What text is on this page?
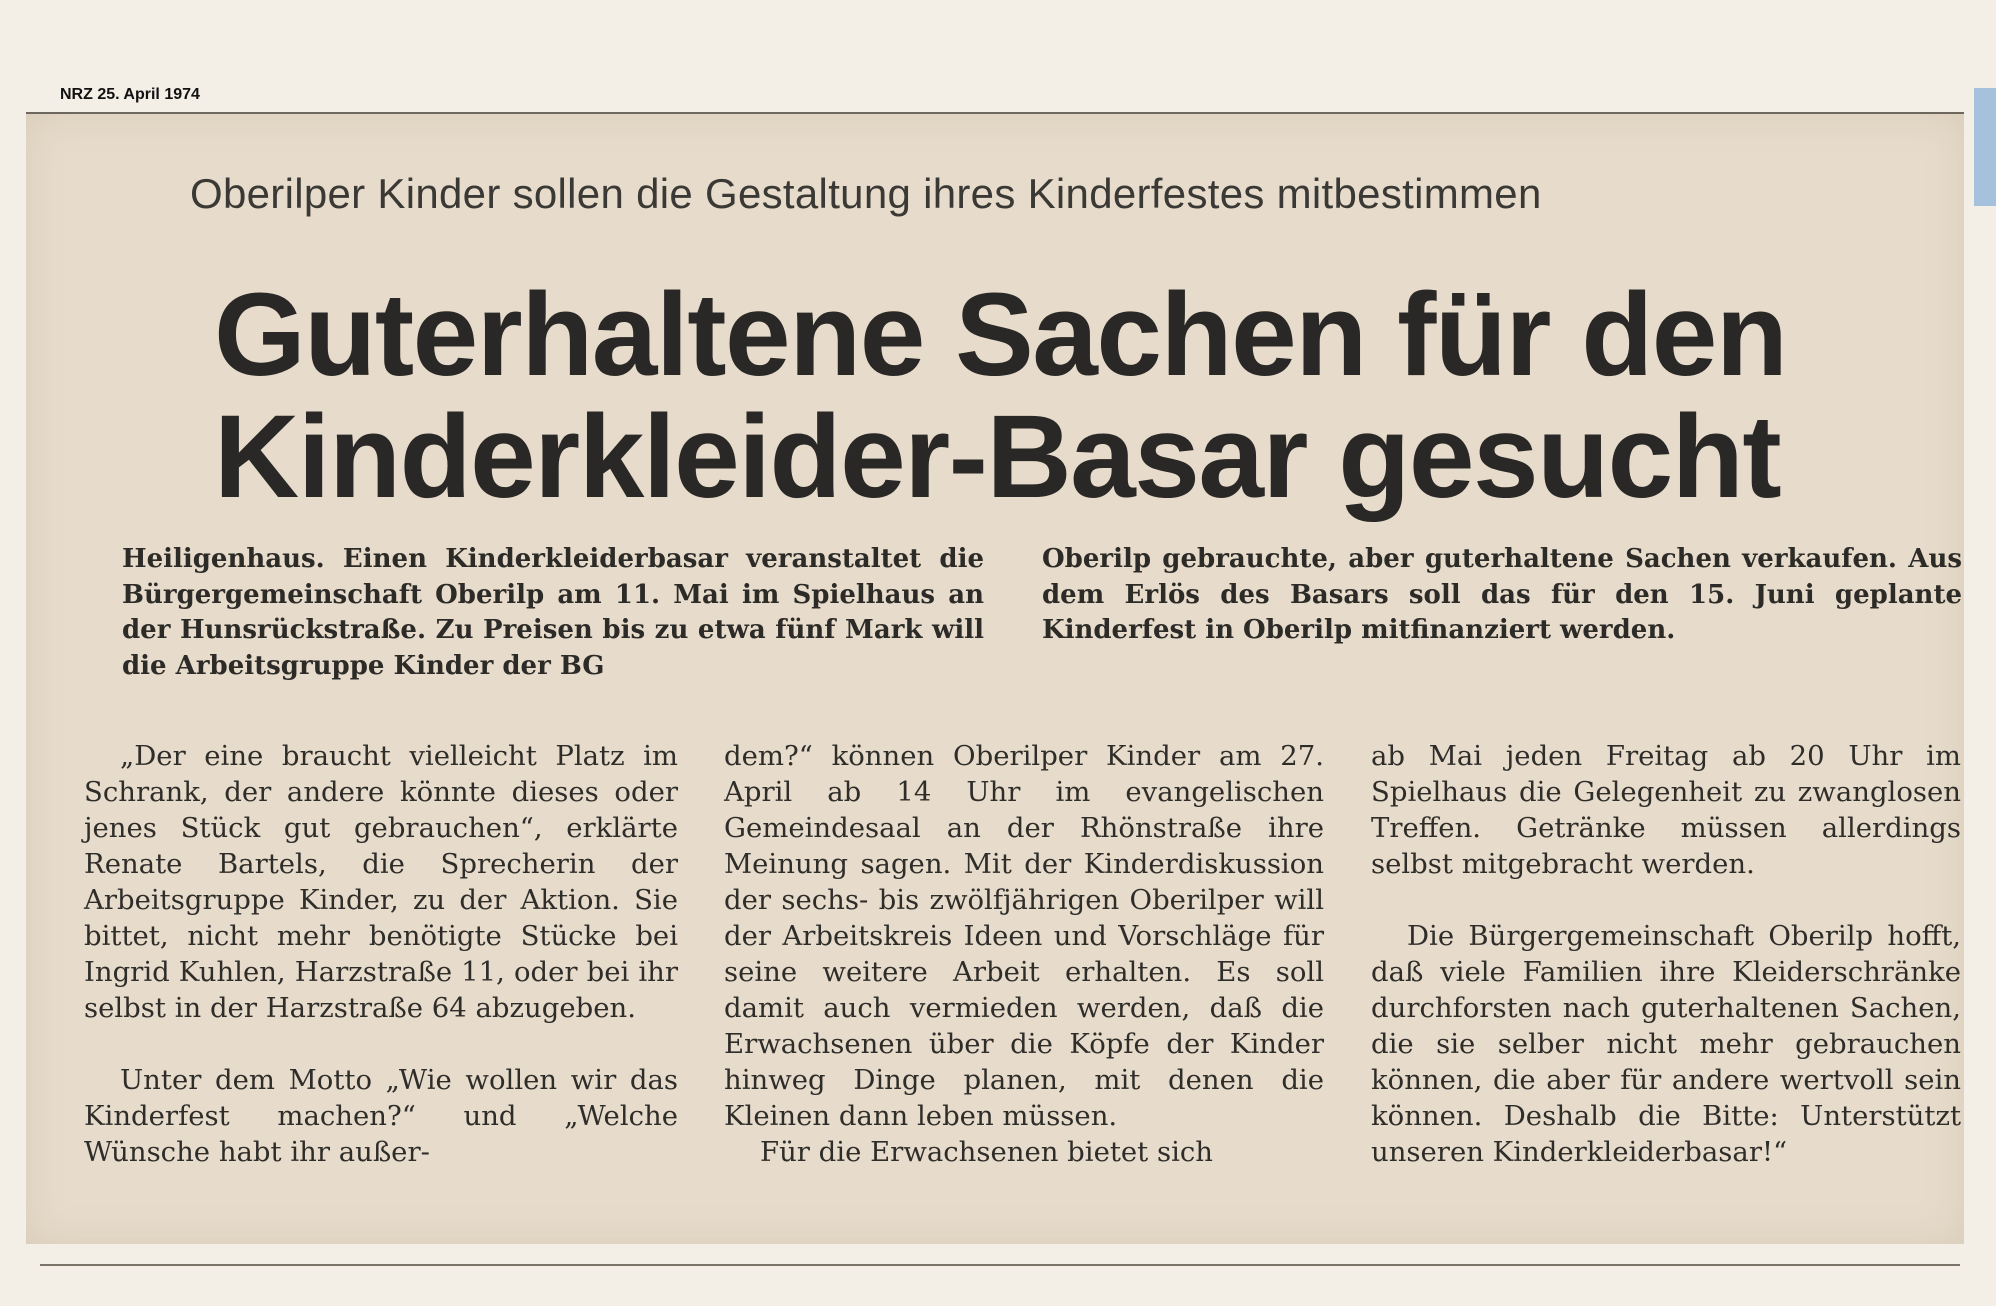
NRZ 25. April 1974
Oberilper Kinder sollen die Gestaltung ihres Kinderfestes mitbestimmen
Guterhaltene Sachen für den
Kinderkleider-Basar gesucht
Heiligenhaus. Einen Kinderkleiderbasar veranstaltet die Bürgergemeinschaft Oberilp am 11. Mai im Spielhaus an der Hunsrückstraße. Zu Preisen bis zu etwa fünf Mark will die Arbeitsgruppe Kinder der BG
Oberilp gebrauchte, aber guterhaltene Sachen verkaufen. Aus dem Erlös des Basars soll das für den 15. Juni geplante Kinderfest in Oberilp mitfinanziert werden.

„Der eine braucht vielleicht Platz im Schrank, der andere könnte dieses oder jenes Stück gut gebrauchen“, erklärte Renate Bartels, die Sprecherin der Arbeitsgruppe Kinder, zu der Aktion. Sie bittet, nicht mehr benötigte Stücke bei Ingrid Kuhlen, Harzstraße 11, oder bei ihr selbst in der Harzstraße 64 abzugeben.

Unter dem Motto „Wie wollen wir das Kinderfest machen?“ und „Welche Wünsche habt ihr außer-

dem?“ können Oberilper Kinder am 27. April ab 14 Uhr im evangelischen Gemeindesaal an der Rhönstraße ihre Meinung sagen. Mit der Kinderdiskussion der sechs- bis zwölfjährigen Oberilper will der Arbeitskreis Ideen und Vorschläge für seine weitere Arbeit erhalten. Es soll damit auch vermieden werden, daß die Erwachsenen über die Köpfe der Kinder hinweg Dinge planen, mit denen die Kleinen dann leben müssen.

Für die Erwachsenen bietet sich

ab Mai jeden Freitag ab 20 Uhr im Spielhaus die Gelegenheit zu zwanglosen Treffen. Getränke müssen allerdings selbst mitgebracht werden.

Die Bürgergemeinschaft Oberilp hofft, daß viele Familien ihre Kleiderschränke durchforsten nach guterhaltenen Sachen, die sie selber nicht mehr gebrauchen können, die aber für andere wertvoll sein können. Deshalb die Bitte: Unterstützt unseren Kinderkleiderbasar!“
